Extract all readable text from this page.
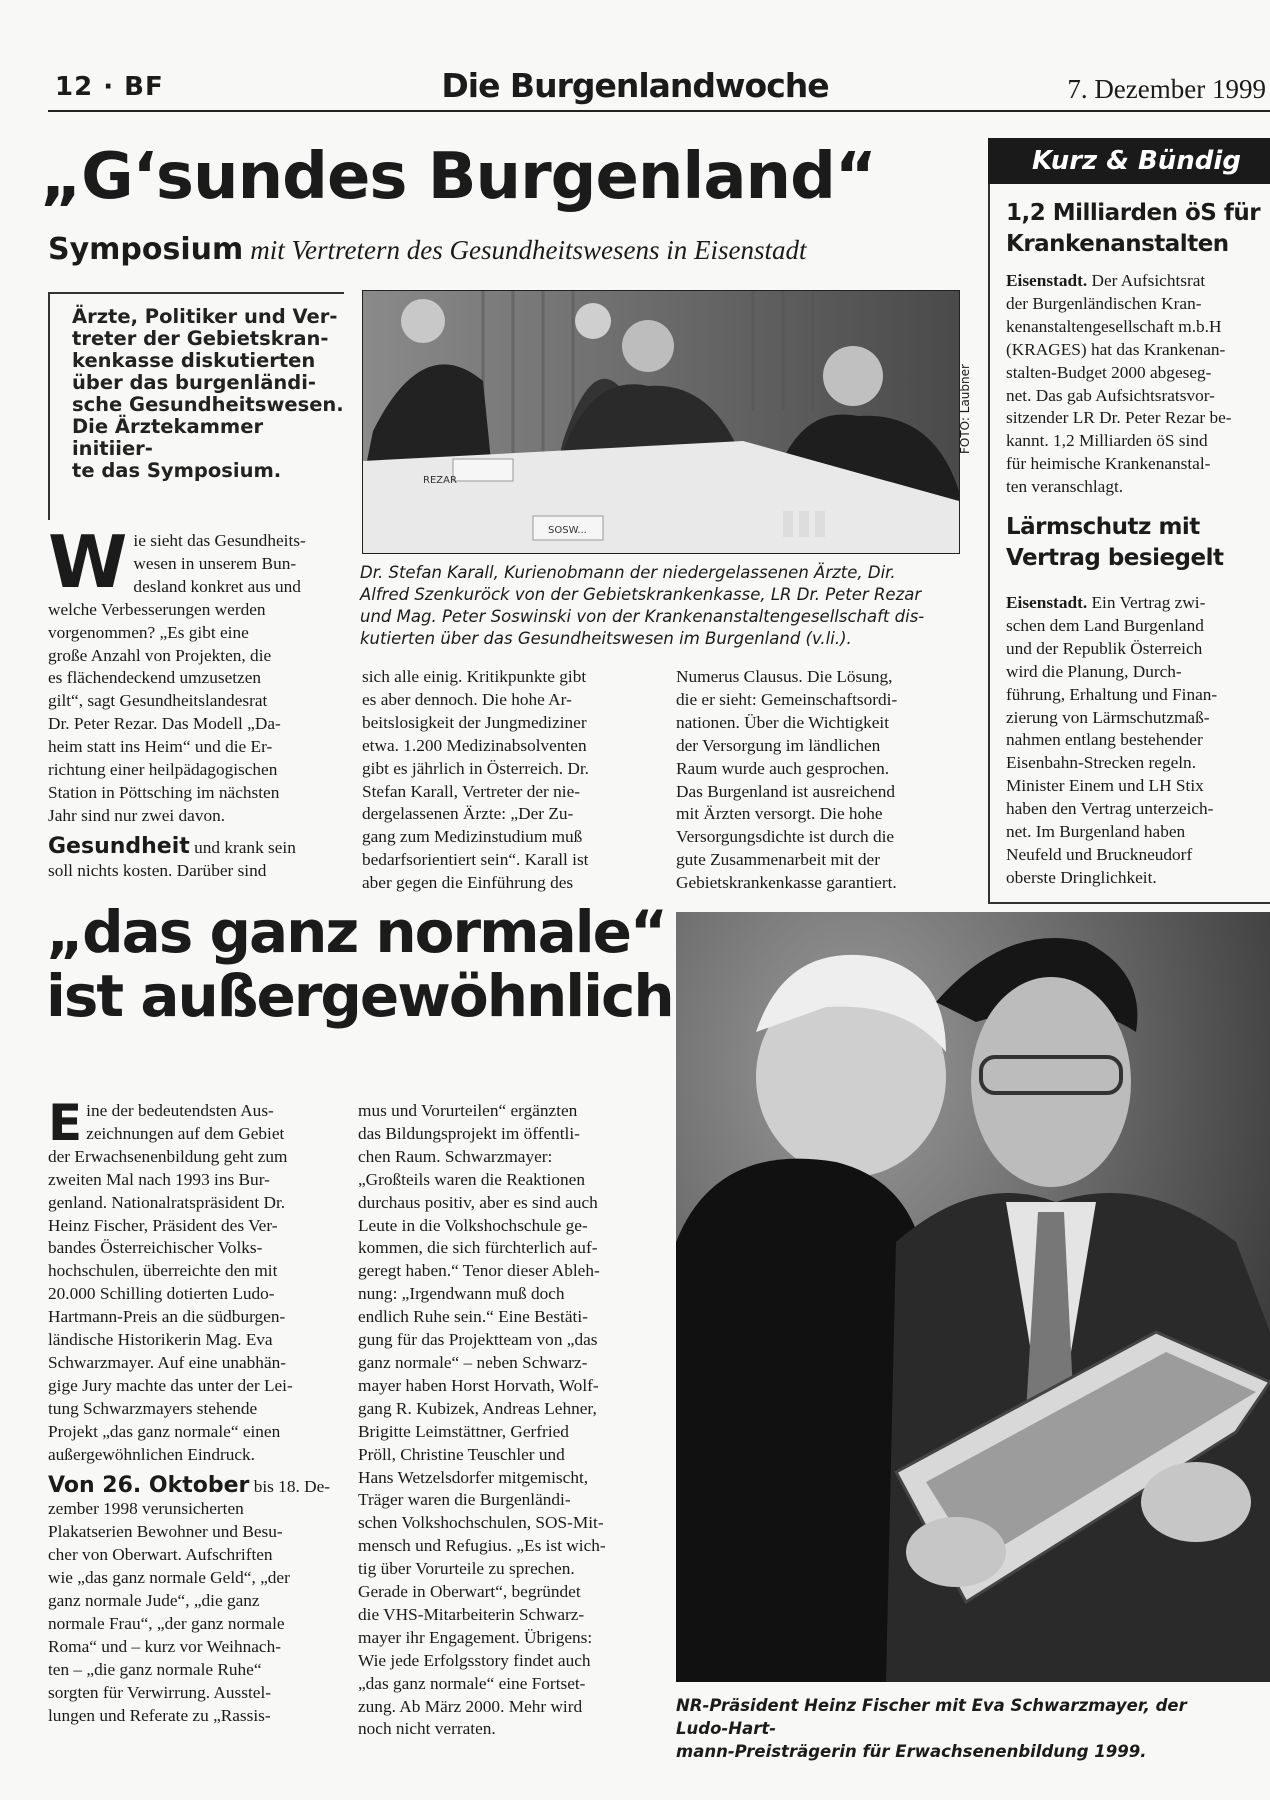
12 · BF	Die Burgenlandwoche	7. Dezember 1999
„G‘sundes Burgenland“
Symposium mit Vertretern des Gesundheitswesens in Eisenstadt
Ärzte, Politiker und Ver-
treter der Gebietskran-
kenkasse diskutierten
über das burgenländi-
sche Gesundheitswesen.
Die Ärztekammer initiier-
te das Symposium.
W ie sieht das Gesundheits-
wesen in unserem Bun-
desland konkret aus und
welche Verbesserungen werden
vorgenommen? „Es gibt eine
große Anzahl von Projekten, die
es flächendeckend umzusetzen
gilt“, sagt Gesundheitslandesrat
Dr. Peter Rezar. Das Modell „Da-
heim statt ins Heim“ und die Er-
richtung einer heilpädagogischen
Station in Pöttsching im nächsten
Jahr sind nur zwei davon.
Gesundheit und krank sein
soll nichts kosten. Darüber sind
sich alle einig. Kritikpunkte gibt
es aber dennoch. Die hohe Ar-
beitslosigkeit der Jungmediziner
etwa. 1.200 Medizinabsolventen
gibt es jährlich in Österreich. Dr.
Stefan Karall, Vertreter der nie-
dergelassenen Ärzte: „Der Zu-
gang zum Medizinstudium muß
bedarfsorientiert sein“. Karall ist
aber gegen die Einführung des
Numerus Clausus. Die Lösung,
die er sieht: Gemeinschaftsordi-
nationen. Über die Wichtigkeit
der Versorgung im ländlichen
Raum wurde auch gesprochen.
Das Burgenland ist ausreichend
mit Ärzten versorgt. Die hohe
Versorgungsdichte ist durch die
gute Zusammenarbeit mit der
Gebietskrankenkasse garantiert.
REZAR
SOSW...
FOTO: Laubner
Dr. Stefan Karall, Kurienobmann der niedergelassenen Ärzte, Dir.
Alfred Szenkuröck von der Gebietskrankenkasse, LR Dr. Peter Rezar
und Mag. Peter Soswinski von der Krankenanstaltengesellschaft dis-
kutierten über das Gesundheitswesen im Burgenland (v.li.).
Kurz & Bündig
1,2 Milliarden öS für
Krankenanstalten
Eisenstadt. Der Aufsichtsrat
der Burgenländischen Kran-
kenanstaltengesellschaft m.b.H
(KRAGES) hat das Krankenan-
stalten-Budget 2000 abgeseg-
net. Das gab Aufsichtsratsvor-
sitzender LR Dr. Peter Rezar be-
kannt. 1,2 Milliarden öS sind
für heimische Krankenanstal-
ten veranschlagt.
Lärmschutz mit
Vertrag besiegelt
Eisenstadt. Ein Vertrag zwi-
schen dem Land Burgenland
und der Republik Österreich
wird die Planung, Durch-
führung, Erhaltung und Finan-
zierung von Lärmschutzmaß-
nahmen entlang bestehender
Eisenbahn-Strecken regeln.
Minister Einem und LH Stix
haben den Vertrag unterzeich-
net. Im Burgenland haben
Neufeld und Bruckneudorf
oberste Dringlichkeit.
„das ganz normale“
ist außergewöhnlich
E ine der bedeutendsten Aus-
zeichnungen auf dem Gebiet
der Erwachsenenbildung geht zum
zweiten Mal nach 1993 ins Bur-
genland. Nationalratspräsident Dr.
Heinz Fischer, Präsident des Ver-
bandes Österreichischer Volks-
hochschulen, überreichte den mit
20.000 Schilling dotierten Ludo-
Hartmann-Preis an die südburgen-
ländische Historikerin Mag. Eva
Schwarzmayer. Auf eine unabhän-
gige Jury machte das unter der Lei-
tung Schwarzmayers stehende
Projekt „das ganz normale“ einen
außergewöhnlichen Eindruck.
Von 26. Oktober bis 18. De-
zember 1998 verunsicherten
Plakatserien Bewohner und Besu-
cher von Oberwart. Aufschriften
wie „das ganz normale Geld“, „der
ganz normale Jude“, „die ganz
normale Frau“, „der ganz normale
Roma“ und – kurz vor Weihnach-
ten – „die ganz normale Ruhe“
sorgten für Verwirrung. Ausstel-
lungen und Referate zu „Rassis-
mus und Vorurteilen“ ergänzten
das Bildungsprojekt im öffentli-
chen Raum. Schwarzmayer:
„Großteils waren die Reaktionen
durchaus positiv, aber es sind auch
Leute in die Volkshochschule ge-
kommen, die sich fürchterlich auf-
geregt haben.“ Tenor dieser Ablеh-
nung: „Irgendwann muß doch
endlich Ruhe sein.“ Eine Bestäti-
gung für das Projektteam von „das
ganz normale“ – neben Schwarz-
mayer haben Horst Horvath, Wolf-
gang R. Kubizek, Andreas Lehner,
Brigitte Leimstättner, Gerfried
Pröll, Christine Teuschler und
Hans Wetzelsdorfer mitgemischt,
Träger waren die Burgenländi-
schen Volkshochschulen, SOS-Mit-
mensch und Refugius. „Es ist wich-
tig über Vorurteile zu sprechen.
Gerade in Oberwart“, begründet
die VHS-Mitarbeiterin Schwarz-
mayer ihr Engagement. Übrigens:
Wie jede Erfolgsstory findet auch
„das ganz normale“ eine Fortset-
zung. Ab März 2000. Mehr wird
noch nicht verraten.
NR-Präsident Heinz Fischer mit Eva Schwarzmayer, der Ludo-Hart-
mann-Preisträgerin für Erwachsenenbildung 1999.
